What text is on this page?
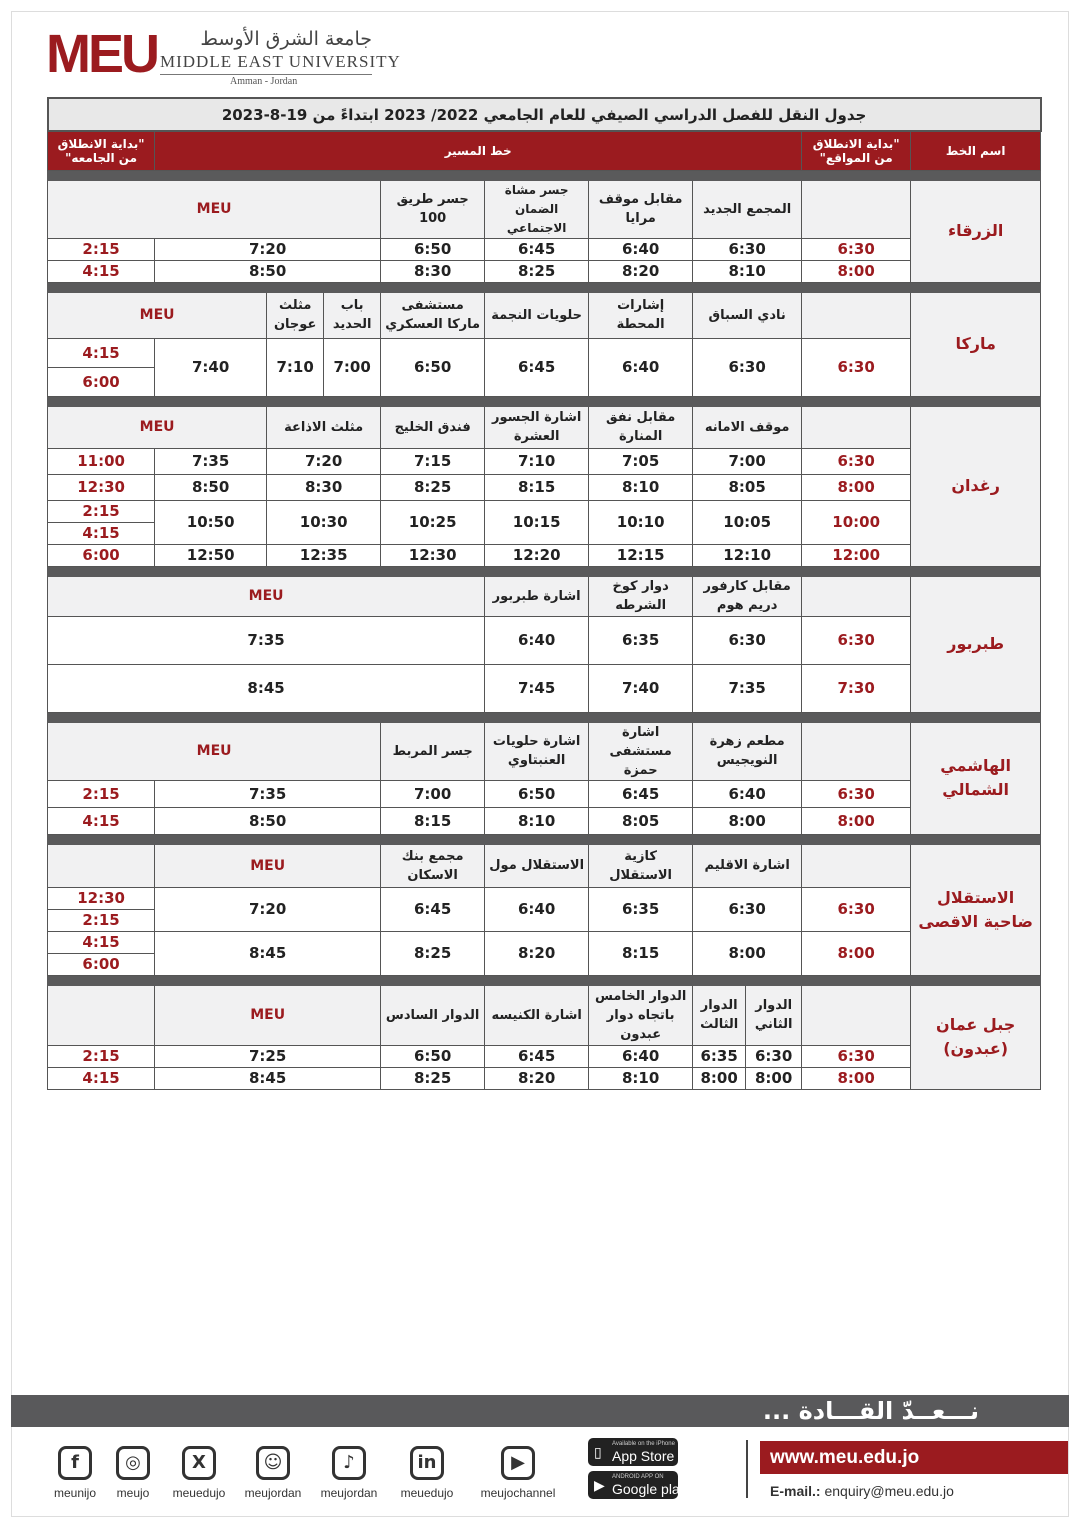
MEU	جامعة الشرق الأوسط
MIDDLE EAST UNIVERSITY
Amman - Jordan
جدول النقل للفصل الدراسي الصيفي للعام الجامعي 2022/ 2023 ابتداءً من 19-8-2023											
اسم الخط	"بداية الانطلاق من المواقع"	خط المسير								"بداية الانطلاق من الجامعه"	

الزرقاء		المجمع الجديد		مقابل موقف مرايا	جسر مشاة الضمان الاجتماعي	جسر طريق 100	MEU				
	6:30	6:30		6:40	6:45	6:50	7:20			2:15	
	8:00	8:10		8:20	8:25	8:30	8:50			4:15	

ماركا		نادي السباق		إشارات المحطة	حلويات النجمة	مستشفى ماركا العسكري	باب الحديد	مثلث عوجان	MEU		
	6:30	6:30		6:40	6:45	6:50	7:00	7:10	7:40	4:15	
										6:00	

رغدان		موقف الامانه		مقابل نفق المنارة	اشارة الجسور العشرة	فندق الخليج	مثلث الاذاعة		MEU		
	6:30	7:00		7:05	7:10	7:15	7:20		7:35	11:00	
	8:00	8:05		8:10	8:15	8:25	8:30		8:50	12:30	
	10:00	10:05		10:10	10:15	10:25	10:30		10:50	2:15	
										4:15	
	12:00	12:10		12:15	12:20	12:30	12:35		12:50	6:00	

طبربور		مقابل كارفور دريم هوم		دوار كوخ الشرطه	اشارة طبربور	MEU					
	6:30	6:30		6:35	6:40	7:35	

	7:30	7:35		7:40	7:45	8:45	

الهاشمي الشمالي		مطعم زهرة النويجيس		اشارة مستشفى حمزة	اشارة حلويات العنبتاوي	جسر المربط	MEU				
	6:30	6:40		6:45	6:50	7:00	7:35			2:15	
	8:00	8:00		8:05	8:10	8:15	8:50			4:15	

الاستقلال ضاحية الاقصى		اشارة الاقليم		كازية الاستقلال	الاستقلال مول	مجمع بنك الاسكان	MEU				
	6:30	6:30		6:35	6:40	6:45	7:20			12:30	
										2:15	
	8:00	8:00		8:15	8:20	8:25	8:45			4:15	
										6:00	

جبل عمان (عبدون)		الدوار الثاني	الدوار الثالث	الدوار الخامس باتجاه دوار عبدون	اشارة الكنيسه	الدوار السادس	MEU				
	6:30	6:30	6:35	6:40	6:45	6:50	7:25			2:15	
	8:00	8:00	8:00	8:10	8:20	8:25	8:45			4:15	
نـــعــدّ القـــادة ...
f
meunijo
◎
meujo
X
meuedujo
☺
meujordan
♪
meujordan
in
meuedujo
▶
meujochannel
▯ Available on the iPhone
App Store
▶ ANDROID APP ON
Google play
www.meu.edu.jo
E-mail.: enquiry@meu.edu.jo
